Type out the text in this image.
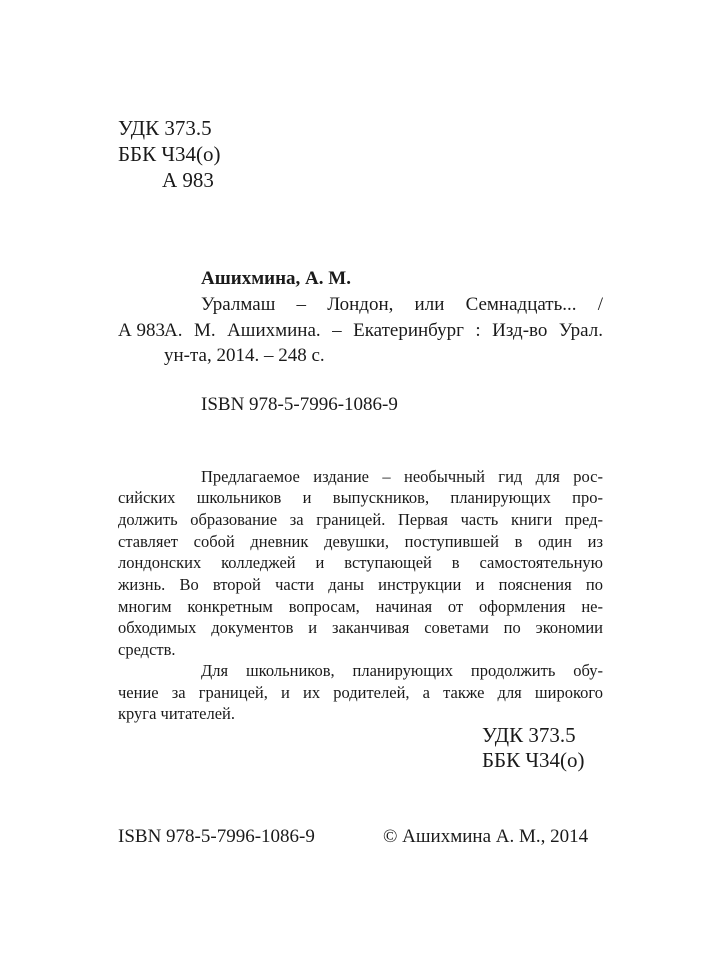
УДК 373.5
ББК Ч34(о)
А 983
Ашихмина, А. М.
Уралмаш – Лондон, или Семнадцать... /
А 983 А. М. Ашихмина. – Екатеринбург : Изд-во Урал.
ун-та, 2014. – 248 с.
ISBN 978-5-7996-1086-9
Предлагаемое издание – необычный гид для рос-
сийских школьников и выпускников, планирующих про-
должить образование за границей. Первая часть книги пред-
ставляет собой дневник девушки, поступившей в один из
лондонских колледжей и вступающей в самостоятельную
жизнь. Во второй части даны инструкции и пояснения по
многим конкретным вопросам, начиная от оформления не-
обходимых документов и заканчивая советами по экономии
средств.
Для школьников, планирующих продолжить обу-
чение за границей, и их родителей, а также для широкого
круга читателей.
УДК 373.5
ББК Ч34(о)
ISBN 978-5-7996-1086-9	© Ашихмина А. М., 2014
